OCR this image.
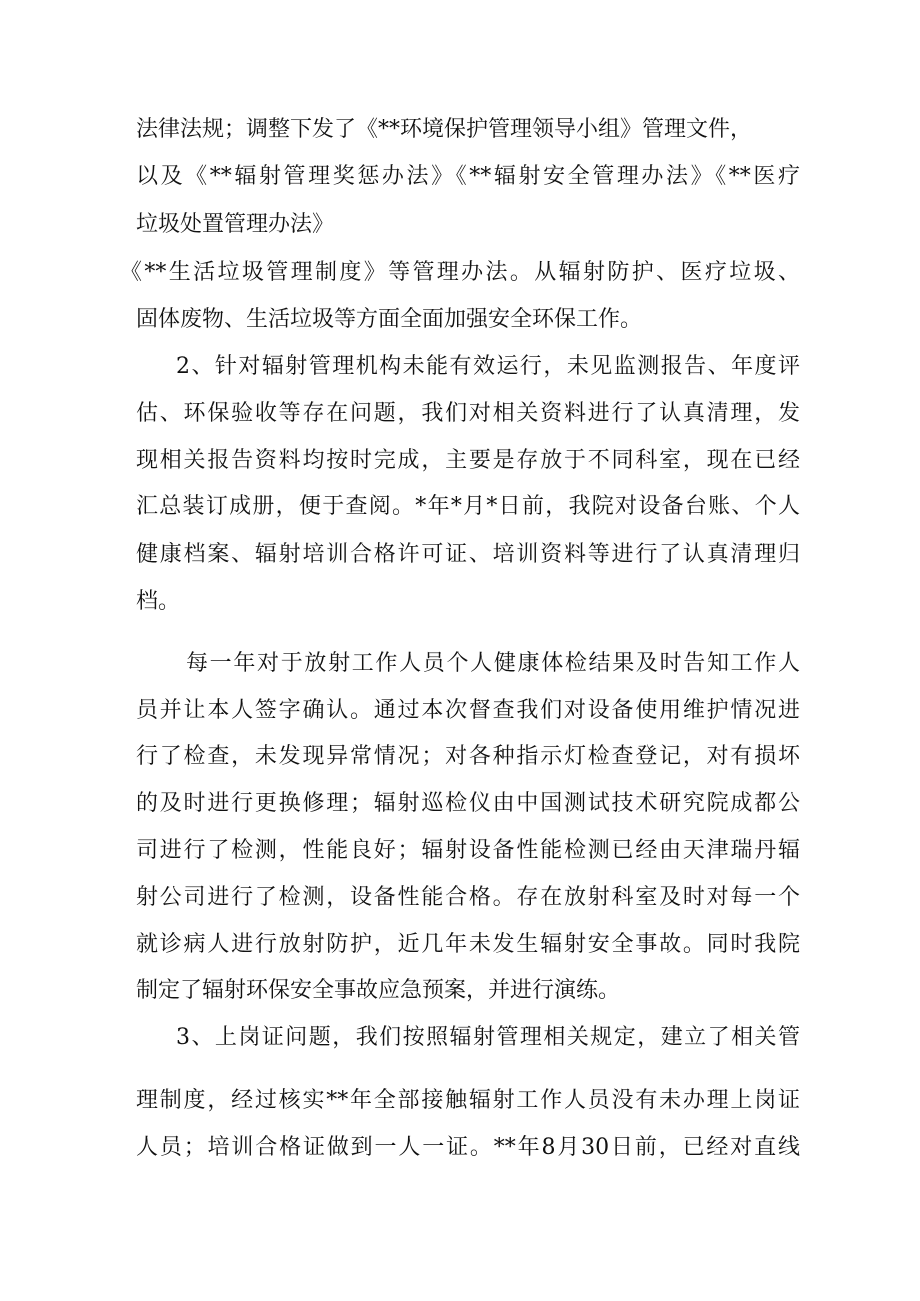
法律法规；调整下发了《**环境保护管理领导小组》管理文件，
以及《**辐射管理奖惩办法》《**辐射安全管理办法》《**医疗
垃圾处置管理办法》
《**生活垃圾管理制度》等管理办法。从辐射防护、医疗垃圾、
固体废物、生活垃圾等方面全面加强安全环保工作。
2、针对辐射管理机构未能有效运行，未见监测报告、年度评
估、环保验收等存在问题，我们对相关资料进行了认真清理，发
现相关报告资料均按时完成，主要是存放于不同科室，现在已经
汇总装订成册，便于查阅。*年*月*日前，我院对设备台账、个人
健康档案、辐射培训合格许可证、培训资料等进行了认真清理归
档。
每一年对于放射工作人员个人健康体检结果及时告知工作人
员并让本人签字确认。通过本次督查我们对设备使用维护情况进
行了检查，未发现异常情况；对各种指示灯检查登记，对有损坏
的及时进行更换修理；辐射巡检仪由中国测试技术研究院成都公
司进行了检测，性能良好；辐射设备性能检测已经由天津瑞丹辐
射公司进行了检测，设备性能合格。存在放射科室及时对每一个
就诊病人进行放射防护，近几年未发生辐射安全事故。同时我院
制定了辐射环保安全事故应急预案，并进行演练。
3、上岗证问题，我们按照辐射管理相关规定，建立了相关管
理制度，经过核实**年全部接触辐射工作人员没有未办理上岗证
人员；培训合格证做到一人一证。**年8月30日前，已经对直线
